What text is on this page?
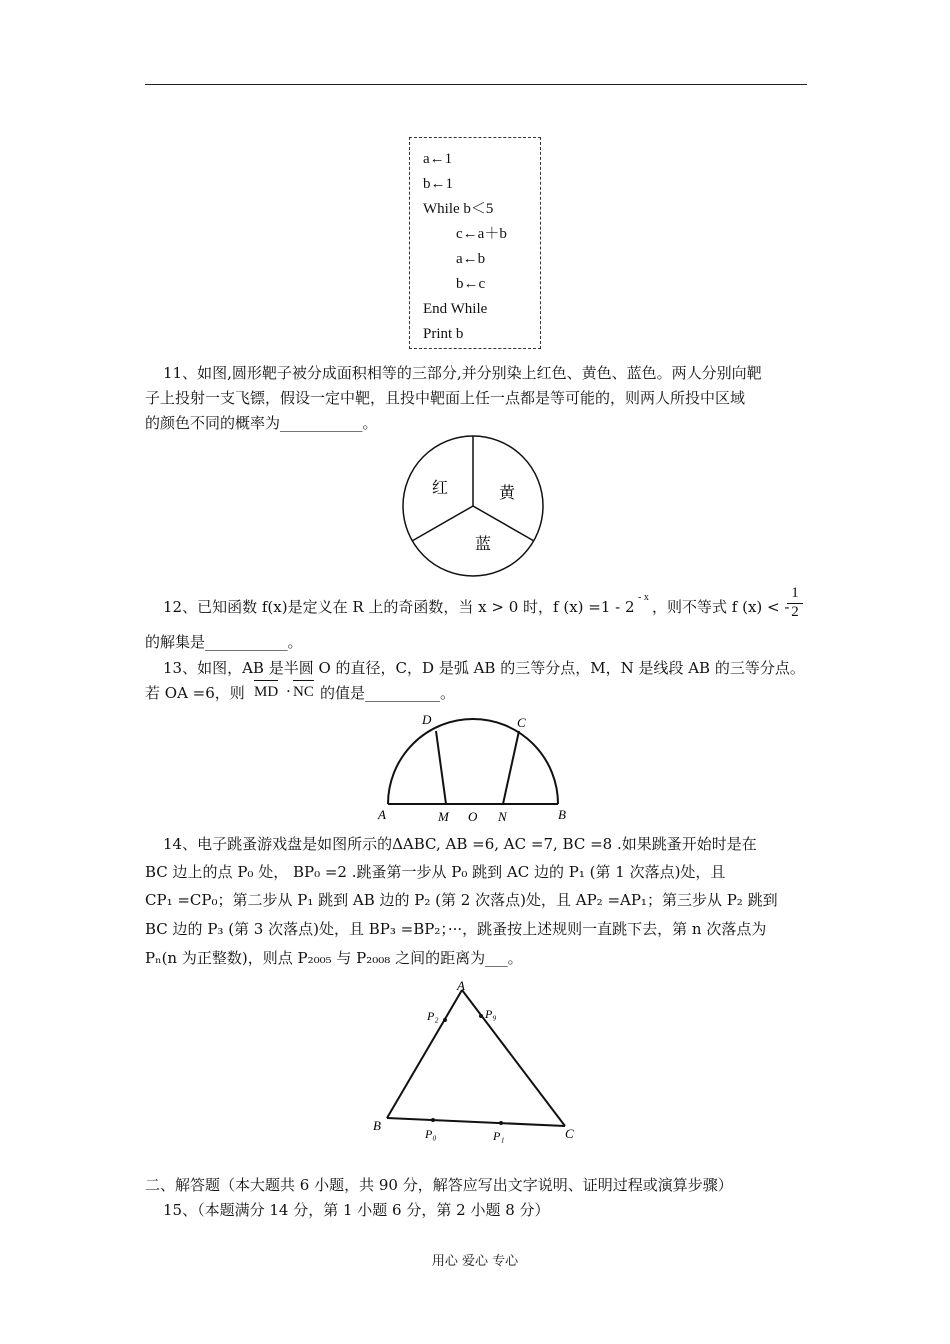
a←1
b←1
While b＜5
c←a＋b
a←b
b←c
End While
Print b
11、如图,圆形靶子被分成面积相等的三部分,并分别染上红色、黄色、蓝色。两人分别向靶
子上投射一支飞镖，假设一定中靶，且投中靶面上任一点都是等可能的，则两人所投中区域
的颜色不同的概率为___________。
红	黄
蓝
12、已知函数 f(x)是定义在 R 上的奇函数，当 x > 0 时，f (x) =1 - 2
- x
，则不等式 f (x) < -
$\frac{1}{2}$
的解集是___________。
13、如图，AB 是半圆 O 的直径，C，D 是弧 AB 的三等分点，M，N 是线段 AB 的三等分点。
若 OA =6，则 MD · NC 的值是__________。
A	B
D	C
M O N
14、电子跳蚤游戏盘是如图所示的ΔABC, AB =6, AC =7, BC =8 .如果跳蚤开始时是在
BC 边上的点 P₀ 处， BP₀ =2 .跳蚤第一步从 P₀ 跳到 AC 边的 P₁ (第 1 次落点)处，且
CP₁ =CP₀；第二步从 P₁ 跳到 AB 边的 P₂ (第 2 次落点)处，且 AP₂ =AP₁；第三步从 P₂ 跳到
BC 边的 P₃ (第 3 次落点)处，且 BP₃ =BP₂；···，跳蚤按上述规则一直跳下去，第 n 次落点为
Pₙ(n 为正整数)，则点 P₂₀₀₅ 与 P₂₀₀₈ 之间的距离为___。
A
B
C
P₂	P₉
P₀	P₁
二、解答题（本大题共 6 小题，共 90 分，解答应写出文字说明、证明过程或演算步骤）
15、（本题满分 14 分，第 1 小题 6 分，第 2 小题 8 分）
用心 爱心 专心
